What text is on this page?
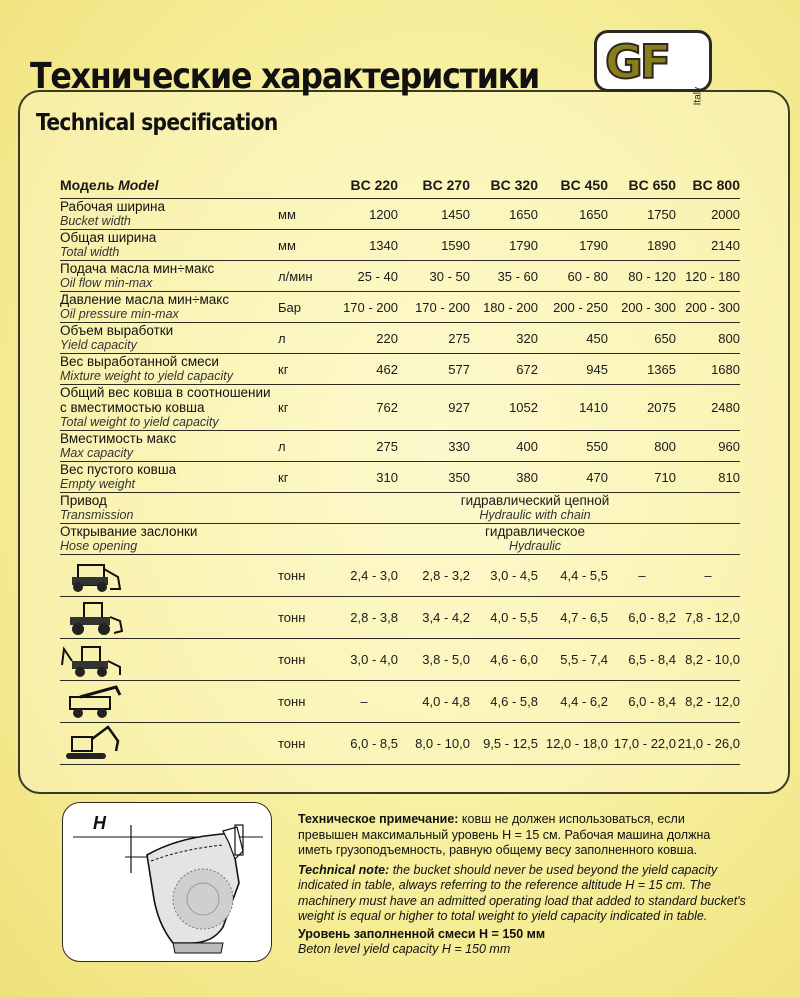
Технические характеристики
Technical specification
GF
Italy
Модель Model		BC 220	BC 270	BC 320	BC 450	BC 650	BC 800

Рабочая ширина
Bucket width	мм	1200	1450	1650	1650	1750	2000

Общая ширина
Total width	мм	1340	1590	1790	1790	1890	2140

Подача масла мин÷макс
Oil flow min-max	л/мин	25 - 40	30 - 50	35 - 60	60 - 80	80 - 120	120 - 180

Давление масла мин÷макс
Oil pressure min-max	Бар	170 - 200	170 - 200	180 - 200	200 - 250	200 - 300	200 - 300

Объем выработки
Yield capacity	л	220	275	320	450	650	800

Вес выработанной смеси
Mixture weight to yield capacity	кг	462	577	672	945	1365	1680

Общий вес ковша в соотношении с вместимостью ковша
Total weight to yield capacity	кг	762	927	1052	1410	2075	2480

Вместимость макс
Max capacity	л	275	330	400	550	800	960

Вес пустого ковша
Empty weight	кг	310	350	380	470	710	810

Привод
Transmission		гидравлический цепной
Hydraulic with chain					

Открывание заслонки
Hose opening		гидравлическое
Hydraulic					

	тонн	2,4 - 3,0	2,8 - 3,2	3,0 - 4,5	4,4 - 5,5	–	–
	тонн	2,8 - 3,8	3,4 - 4,2	4,0 - 5,5	4,7 - 6,5	6,0 - 8,2	7,8 - 12,0
	тонн	3,0 - 4,0	3,8 - 5,0	4,6 - 6,0	5,5 - 7,4	6,5 - 8,4	8,2 - 10,0
	тонн	–	4,0 - 4,8	4,6 - 5,8	4,4 - 6,2	6,0 - 8,4	8,2 - 12,0
	тонн	6,0 - 8,5	8,0 - 10,0	9,5 - 12,5	12,0 - 18,0	17,0 - 22,0	21,0 - 26,0
H	Техническое примечание: ковш не должен использоваться, если превышен максимальный уровень H = 15 см. Рабочая машина должна иметь грузоподъемность, равную общему весу заполненного ковша.

Technical note: the bucket should never be used beyond the yield capacity indicated in table, always referring to the reference altitude H = 15 cm. The machinery must have an admitted operating load that added to standard bucket's weight is equal or higher to total weight to yield capacity indicated in table.

Уровень заполненной смеси H = 150 мм

Beton level yield capacity H = 150 mm
